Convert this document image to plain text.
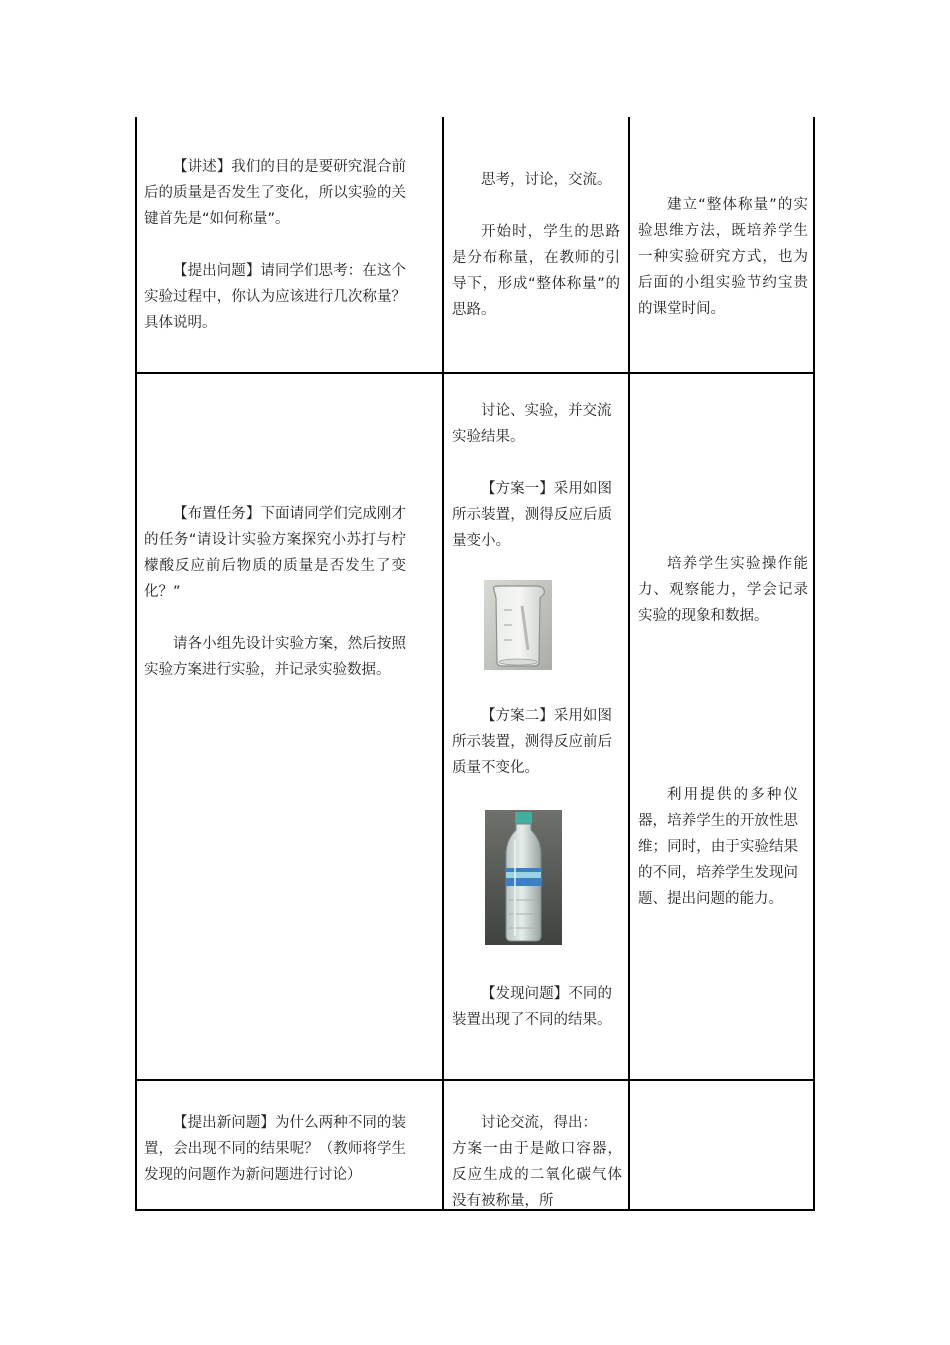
【讲述】我们的目的是要研究混合前后的质量是否发生了变化，所以实验的关键首先是“如何称量”。

【提出问题】请同学们思考：在这个实验过程中，你认为应该进行几次称量？具体说明。

思考，讨论，交流。

开始时，学生的思路是分布称量，在教师的引导下，形成“整体称量”的思路。

建立“整体称量”的实验思维方法，既培养学生一种实验研究方式，也为后面的小组实验节约宝贵的课堂时间。

【布置任务】下面请同学们完成刚才的任务“请设计实验方案探究小苏打与柠檬酸反应前后物质的质量是否发生了变化？”

请各小组先设计实验方案，然后按照实验方案进行实验，并记录实验数据。

讨论、实验，并交流实验结果。

【方案一】采用如图所示装置，测得反应后质量变小。

【方案二】采用如图所示装置，测得反应前后质量不变化。

【发现问题】不同的装置出现了不同的结果。

培养学生实验操作能力、观察能力，学会记录实验的现象和数据。

利用提供的多种仪器，培养学生的开放性思维；同时，由于实验结果的不同，培养学生发现问题、提出问题的能力。

【提出新问题】为什么两种不同的装置，会出现不同的结果呢？（教师将学生发现的问题作为新问题进行讨论）

讨论交流，得出：

方案一由于是敞口容器，反应生成的二氧化碳气体没有被称量，所
